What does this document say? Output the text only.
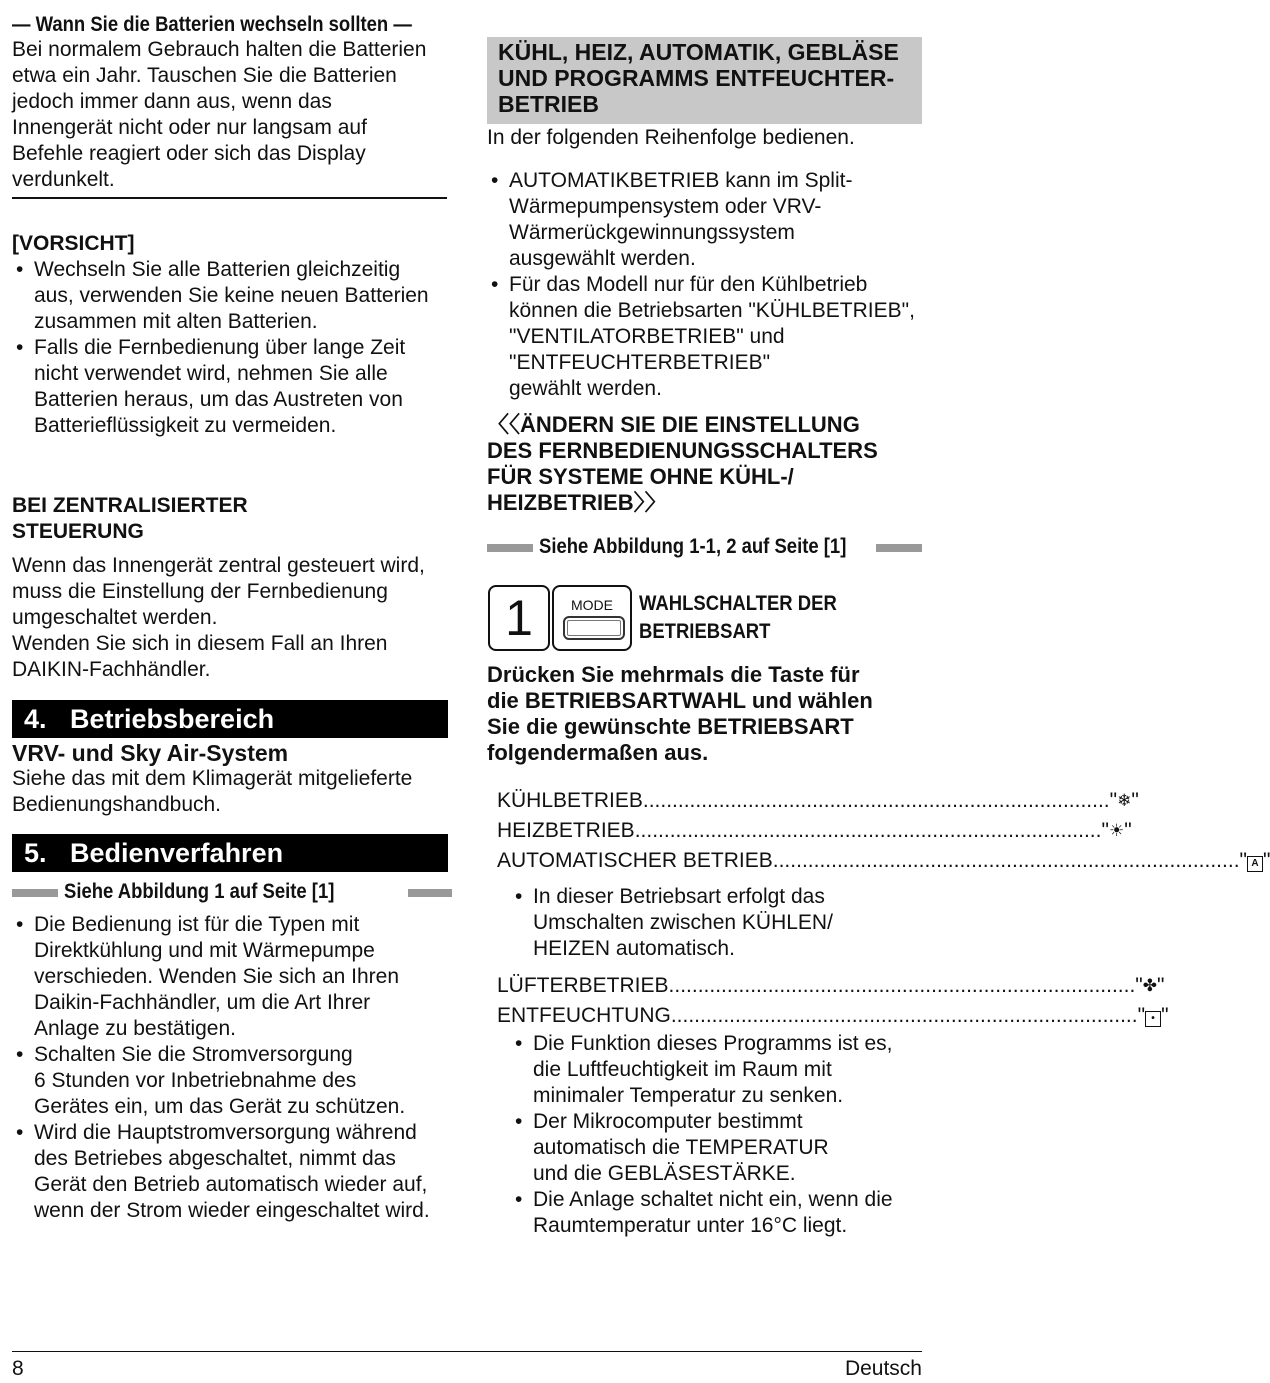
— Wann Sie die Batterien wechseln sollten —
Bei normalem Gebrauch halten die Batterien
etwa ein Jahr. Tauschen Sie die Batterien
jedoch immer dann aus, wenn das
Innengerät nicht oder nur langsam auf
Befehle reagiert oder sich das Display
verdunkelt.
[VORSICHT]
• Wechseln Sie alle Batterien gleichzeitig
aus, verwenden Sie keine neuen Batterien
zusammen mit alten Batterien.
• Falls die Fernbedienung über lange Zeit
nicht verwendet wird, nehmen Sie alle
Batterien heraus, um das Austreten von
Batterieflüssigkeit zu vermeiden.
BEI ZENTRALISIERTER
STEUERUNG
Wenn das Innengerät zentral gesteuert wird,
muss die Einstellung der Fernbedienung
umgeschaltet werden.
Wenden Sie sich in diesem Fall an Ihren
DAIKIN-Fachhändler.
4. Betriebsbereich
VRV- und Sky Air-System
Siehe das mit dem Klimagerät mitgelieferte
Bedienungshandbuch.
5. Bedienverfahren
Siehe Abbildung 1 auf Seite [1]
• Die Bedienung ist für die Typen mit
Direktkühlung und mit Wärmepumpe
verschieden. Wenden Sie sich an Ihren
Daikin-Fachhändler, um die Art Ihrer
Anlage zu bestätigen.
• Schalten Sie die Stromversorgung
6 Stunden vor Inbetriebnahme des
Gerätes ein, um das Gerät zu schützen.
• Wird die Hauptstromversorgung während
des Betriebes abgeschaltet, nimmt das
Gerät den Betrieb automatisch wieder auf,
wenn der Strom wieder eingeschaltet wird.
KÜHL, HEIZ, AUTOMATIK, GEBLÄSE
UND PROGRAMMS ENTFEUCHTER-
BETRIEB
In der folgenden Reihenfolge bedienen.
• AUTOMATIKBETRIEB kann im Split-
Wärmepumpensystem oder VRV-
Wärmerückgewinnungssystem
ausgewählt werden.
• Für das Modell nur für den Kühlbetrieb
können die Betriebsarten "KÜHLBETRIEB",
"VENTILATORBETRIEB" und
"ENTFEUCHTERBETRIEB"
gewählt werden.
〈〈ÄNDERN SIE DIE EINSTELLUNG
DES FERNBEDIENUNGSSCHALTERS
FÜR SYSTEME OHNE KÜHL-/
HEIZBETRIEB〉〉
Siehe Abbildung 1-1, 2 auf Seite [1]
1	MODE	WAHLSCHALTER DER
BETRIEBSART
Drücken Sie mehrmals die Taste für
die BETRIEBSARTWAHL und wählen
Sie die gewünschte BETRIEBSART
folgendermaßen aus.
KÜHLBETRIEB ................................................................................ " ❄ "
HEIZBETRIEB ................................................................................ " ☀ "
AUTOMATISCHER BETRIEB ................................................................................ " A "
LÜFTERBETRIEB ................................................................................ " ✤ "
ENTFEUCHTUNG ................................................................................ " • "
• In dieser Betriebsart erfolgt das
Umschalten zwischen KÜHLEN/
HEIZEN automatisch.
• Die Funktion dieses Programms ist es,
die Luftfeuchtigkeit im Raum mit
minimaler Temperatur zu senken.
• Der Mikrocomputer bestimmt
automatisch die TEMPERATUR
und die GEBLÄSESTÄRKE.
• Die Anlage schaltet nicht ein, wenn die
Raumtemperatur unter 16°C liegt.
8	Deutsch
